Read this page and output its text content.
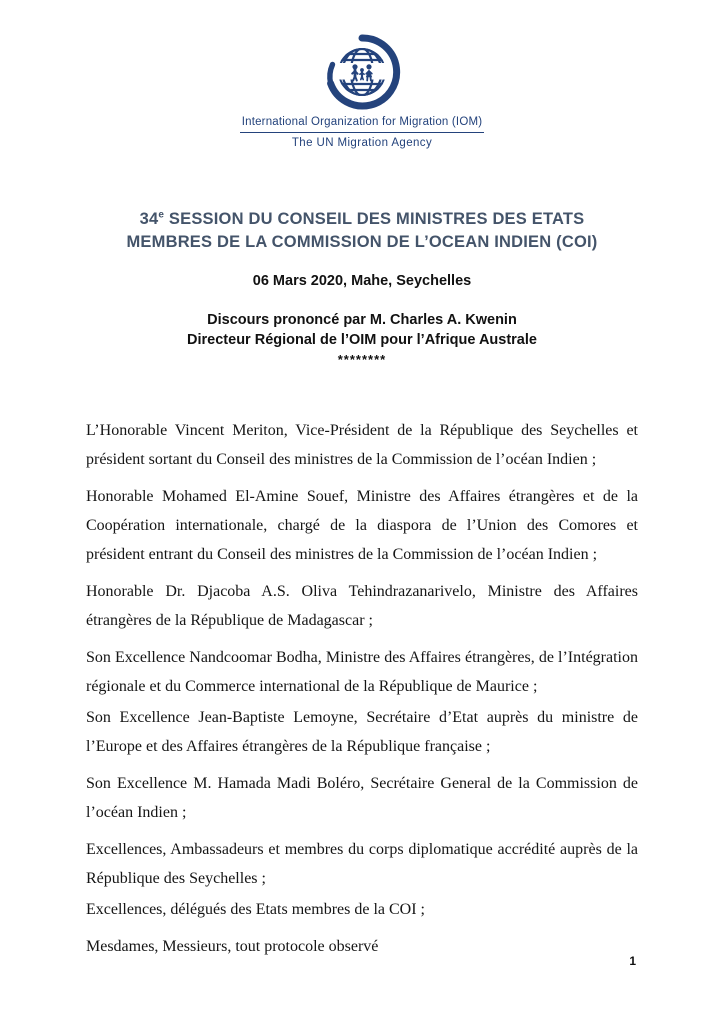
International Organization for Migration (IOM)
The UN Migration Agency
34e SESSION DU CONSEIL DES MINISTRES DES ETATS
MEMBRES DE LA COMMISSION DE L’OCEAN INDIEN (COI)
06 Mars 2020, Mahe, Seychelles
Discours prononcé par M. Charles A. Kwenin
Directeur Régional de l’OIM pour l’Afrique Australe
********

L’Honorable Vincent Meriton, Vice-Président de la République des Seychelles et président sortant du Conseil des ministres de la Commission de l’océan Indien ;

Honorable Mohamed El-Amine Souef, Ministre des Affaires étrangères et de la Coopération internationale, chargé de la diaspora de l’Union des Comores et président entrant du Conseil des ministres de la Commission de l’océan Indien ;

Honorable Dr. Djacoba A.S. Oliva Tehindrazanarivelo, Ministre des Affaires étrangères de la République de Madagascar ;

Son Excellence Nandcoomar Bodha, Ministre des Affaires étrangères, de l’Intégration régionale et du Commerce international de la République de Maurice ;

Son Excellence Jean-Baptiste Lemoyne, Secrétaire d’Etat auprès du ministre de l’Europe et des Affaires étrangères de la République française ;

Son Excellence M. Hamada Madi Boléro, Secrétaire General de la Commission de l’océan Indien ;

Excellences, Ambassadeurs et membres du corps diplomatique accrédité auprès de la République des Seychelles ;

Excellences, délégués des Etats membres de la COI ;

Mesdames, Messieurs, tout protocole observé

1
